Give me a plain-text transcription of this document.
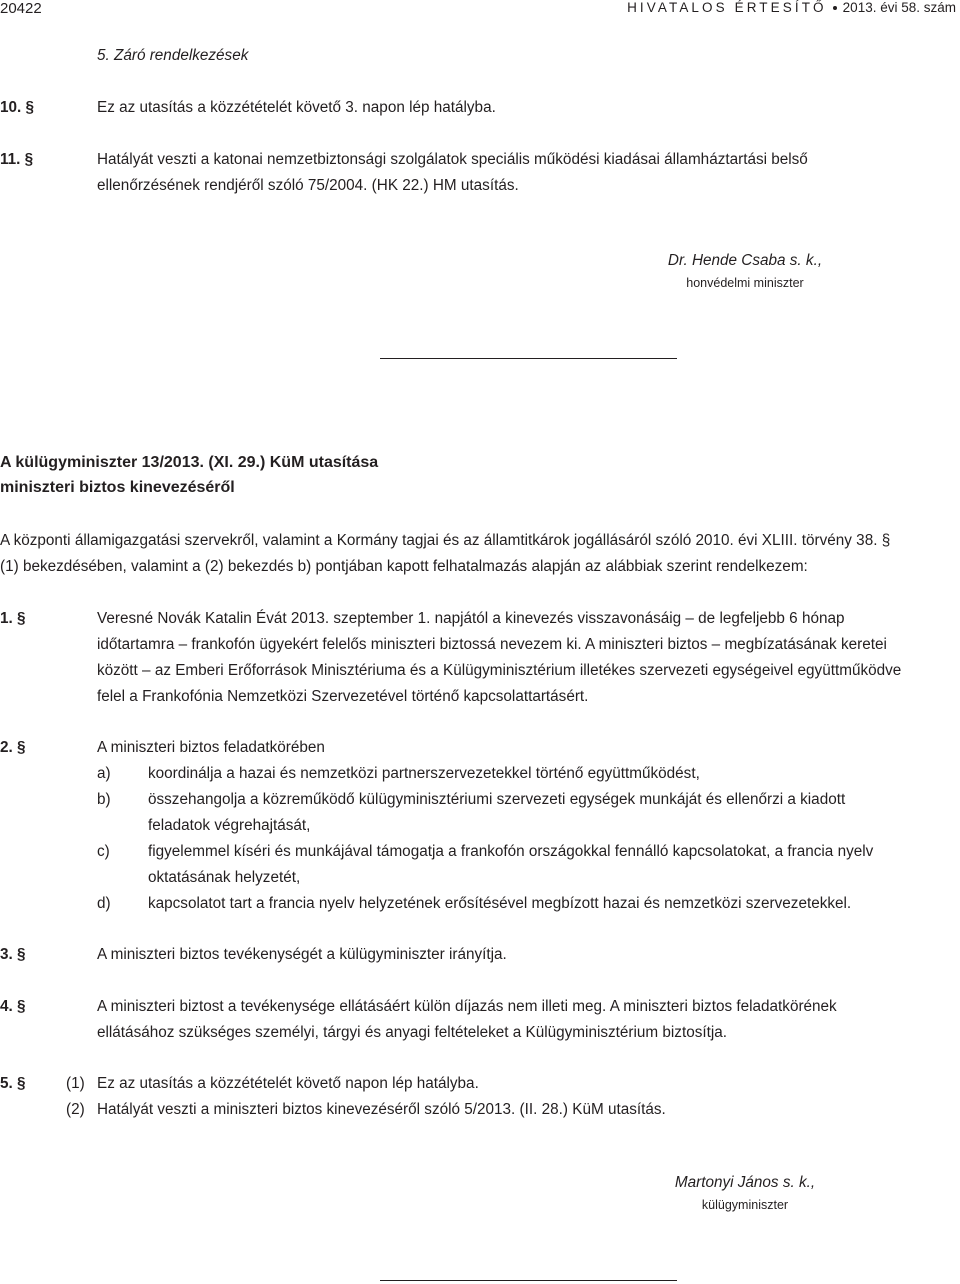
20422	HIVATALOS ÉRTESÍTŐ 2013. évi 58. szám
5. Záró rendelkezések
10. §	Ez az utasítás a közzétételét követő 3. napon lép hatályba.
11. §	Hatályát veszti a katonai nemzetbiztonsági szolgálatok speciális működési kiadásai államháztartási belső
ellenőrzésének rendjéről szóló 75/2004. (HK 22.) HM utasítás.
Dr. Hende Csaba s. k.,
honvédelmi miniszter
A külügyminiszter 13/2013. (XI. 29.) KüM utasítása
miniszteri biztos kinevezéséről
A központi államigazgatási szervekről, valamint a Kormány tagjai és az államtitkárok jogállásáról szóló 2010. évi XLIII. törvény 38. §
(1) bekezdésében, valamint a (2) bekezdés b) pontjában kapott felhatalmazás alapján az alábbiak szerint rendelkezem:
1. §	Veresné Novák Katalin Évát 2013. szeptember 1. napjától a kinevezés visszavonásáig – de legfeljebb 6 hónap
időtartamra – frankofón ügyekért felelős miniszteri biztossá nevezem ki. A miniszteri biztos – megbízatásának keretei
között – az Emberi Erőforrások Minisztériuma és a Külügyminisztérium illetékes szervezeti egységeivel együttműködve
felel a Frankofónia Nemzetközi Szervezetével történő kapcsolattartásért.
2. §	A miniszteri biztos feladatkörében
a) koordinálja a hazai és nemzetközi partnerszervezetekkel történő együttműködést,
b) összehangolja a közreműködő külügyminisztériumi szervezeti egységek munkáját és ellenőrzi a kiadott
feladatok végrehajtását,
c)	figyelemmel kíséri és munkájával támogatja a frankofón országokkal fennálló kapcsolatokat, a francia nyelv
oktatásának helyzetét,
d) kapcsolatot tart a francia nyelv helyzetének erősítésével megbízott hazai és nemzetközi szervezetekkel.
3. §	A miniszteri biztos tevékenységét a külügyminiszter irányítja.
4. §	A miniszteri biztost a tevékenysége ellátásáért külön díjazás nem illeti meg. A miniszteri biztos feladatkörének
ellátásához szükséges személyi, tárgyi és anyagi feltételeket a Külügyminisztérium biztosítja.
5. §	(1) Ez az utasítás a közzétételét követő napon lép hatályba.
(2) Hatályát veszti a miniszteri biztos kinevezéséről szóló 5/2013. (II. 28.) KüM utasítás.
Martonyi János s. k.,
külügyminiszter
